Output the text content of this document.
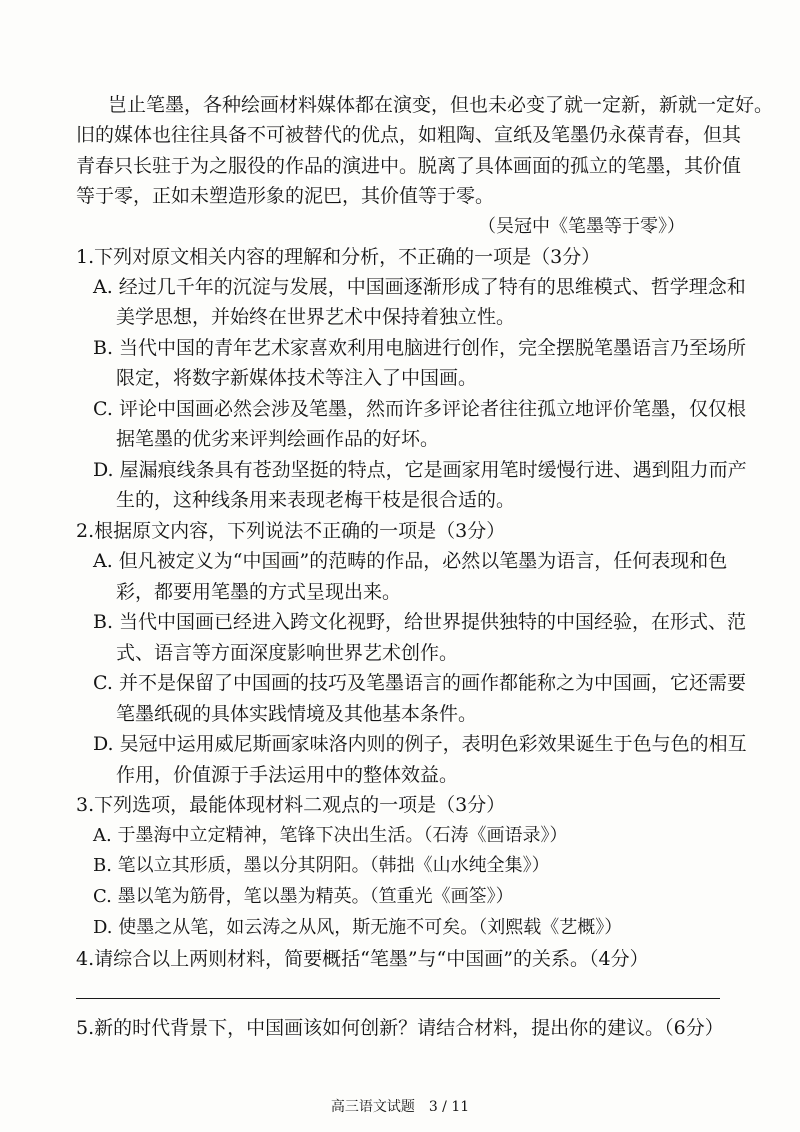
岂止笔墨，各种绘画材料媒体都在演变，但也未必变了就一定新，新就一定好。
旧的媒体也往往具备不可被替代的优点，如粗陶、宣纸及笔墨仍永葆青春，但其
青春只长驻于为之服役的作品的演进中。脱离了具体画面的孤立的笔墨，其价值
等于零，正如未塑造形象的泥巴，其价值等于零。
（吴冠中《笔墨等于零》）
1.下列对原文相关内容的理解和分析，不正确的一项是（3分）
A. 经过几千年的沉淀与发展，中国画逐渐形成了特有的思维模式、哲学理念和
美学思想，并始终在世界艺术中保持着独立性。
B. 当代中国的青年艺术家喜欢利用电脑进行创作，完全摆脱笔墨语言乃至场所
限定，将数字新媒体技术等注入了中国画。
C. 评论中国画必然会涉及笔墨，然而许多评论者往往孤立地评价笔墨，仅仅根
据笔墨的优劣来评判绘画作品的好坏。
D. 屋漏痕线条具有苍劲坚挺的特点，它是画家用笔时缓慢行进、遇到阻力而产
生的，这种线条用来表现老梅干枝是很合适的。
2.根据原文内容，下列说法不正确的一项是（3分）
A. 但凡被定义为“中国画”的范畴的作品，必然以笔墨为语言，任何表现和色
彩，都要用笔墨的方式呈现出来。
B. 当代中国画已经进入跨文化视野，给世界提供独特的中国经验，在形式、范
式、语言等方面深度影响世界艺术创作。
C. 并不是保留了中国画的技巧及笔墨语言的画作都能称之为中国画，它还需要
笔墨纸砚的具体实践情境及其他基本条件。
D. 吴冠中运用威尼斯画家味洛内则的例子，表明色彩效果诞生于色与色的相互
作用，价值源于手法运用中的整体效益。
3.下列选项，最能体现材料二观点的一项是（3分）
A. 于墨海中立定精神，笔锋下决出生活。（石涛《画语录》）
B. 笔以立其形质，墨以分其阴阳。（韩拙《山水纯全集》）
C. 墨以笔为筋骨，笔以墨为精英。（笪重光《画筌》）
D. 使墨之从笔，如云涛之从风，斯无施不可矣。（刘熙载《艺概》）
4.请综合以上两则材料，简要概括“笔墨”与“中国画”的关系。（4分）
5.新的时代背景下，中国画该如何创新？请结合材料，提出你的建议。（6分）
高三语文试题　3 / 11
